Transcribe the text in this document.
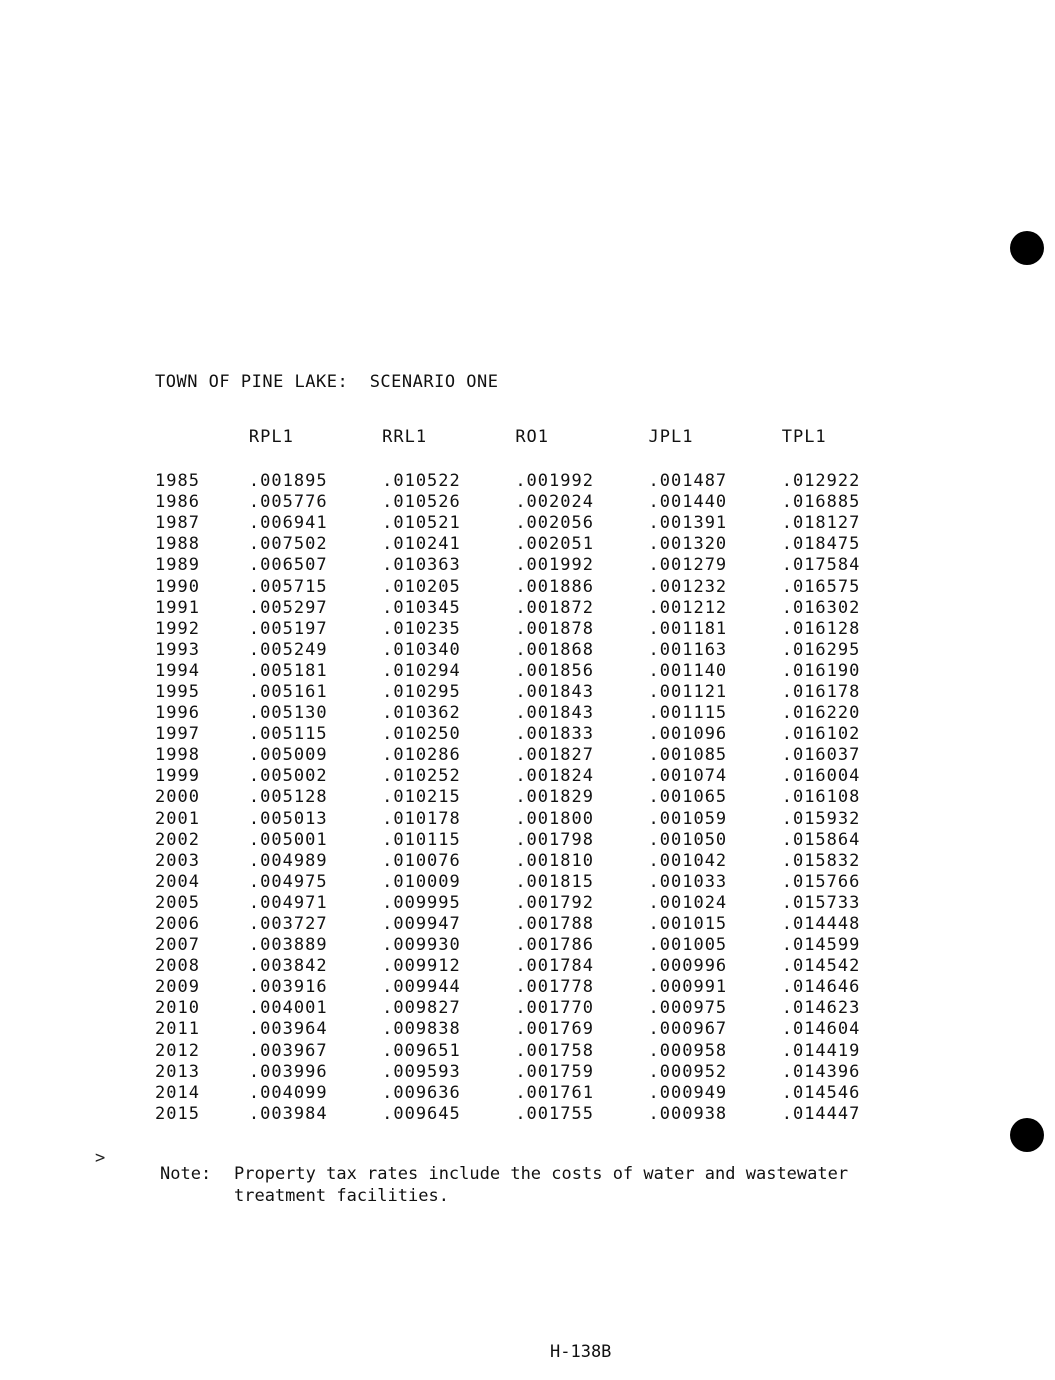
TOWN OF PINE LAKE:  SCENARIO ONE
	RPL1	RRL1	RO1	JPL1	TPL1

1985	.001895	.010522	.001992	.001487	.012922
1986	.005776	.010526	.002024	.001440	.016885
1987	.006941	.010521	.002056	.001391	.018127
1988	.007502	.010241	.002051	.001320	.018475
1989	.006507	.010363	.001992	.001279	.017584
1990	.005715	.010205	.001886	.001232	.016575
1991	.005297	.010345	.001872	.001212	.016302
1992	.005197	.010235	.001878	.001181	.016128
1993	.005249	.010340	.001868	.001163	.016295
1994	.005181	.010294	.001856	.001140	.016190
1995	.005161	.010295	.001843	.001121	.016178
1996	.005130	.010362	.001843	.001115	.016220
1997	.005115	.010250	.001833	.001096	.016102
1998	.005009	.010286	.001827	.001085	.016037
1999	.005002	.010252	.001824	.001074	.016004
2000	.005128	.010215	.001829	.001065	.016108
2001	.005013	.010178	.001800	.001059	.015932
2002	.005001	.010115	.001798	.001050	.015864
2003	.004989	.010076	.001810	.001042	.015832
2004	.004975	.010009	.001815	.001033	.015766
2005	.004971	.009995	.001792	.001024	.015733
2006	.003727	.009947	.001788	.001015	.014448
2007	.003889	.009930	.001786	.001005	.014599
2008	.003842	.009912	.001784	.000996	.014542
2009	.003916	.009944	.001778	.000991	.014646
2010	.004001	.009827	.001770	.000975	.014623
2011	.003964	.009838	.001769	.000967	.014604
2012	.003967	.009651	.001758	.000958	.014419
2013	.003996	.009593	.001759	.000952	.014396
2014	.004099	.009636	.001761	.000949	.014546
2015	.003984	.009645	.001755	.000938	.014447
>
Note:	Property tax rates include the costs of water and wastewater treatment facilities.
H-138B
